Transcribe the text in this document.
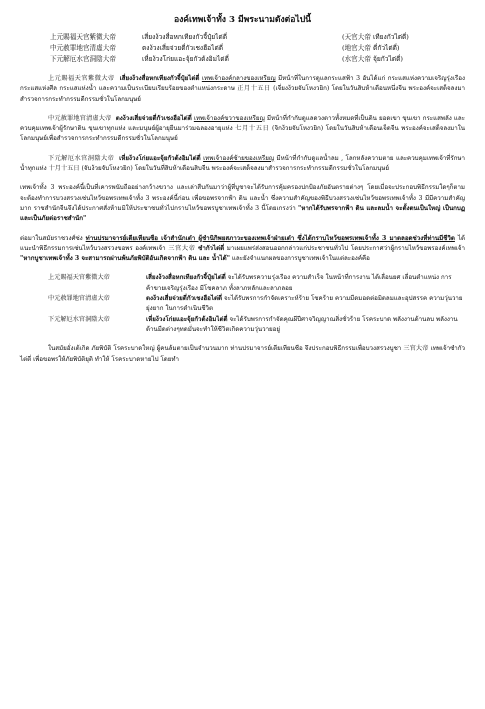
องค์เทพเจ้าทั้ง 3 มีพระนามดังต่อไปนี้
上元賜福天官紫微大帝	เสี่ยงง้วงสื่อหกเทียงกัวจี้ปุ๋ยไต่ตี่	(天官大帝 เทียงกัวไต่ตี่)
中元赦罪地官清虛大帝	ตงง้วงเสี่ยจ่วยตี่กัวเชงฮือไต่ตี่	(地官大帝 ตี่กัวไต่ตี่)
下元解厄水官洞陰大帝	เหี่ยง้วงโก่ยแอะจุ้ยกัวต้งอิมไต่ตี่	(水官大帝 จุ้ยกัวไต่ตี่)

上元賜福天官紫微大帝 เสี่ยงง้วงสื่อหกเทียงกัวจี้ปุ๋ยไต่ตี่ เทพเจ้าองค์กลางของเหรียญ มีหน้าที่ในการดูแลกระแสฟ้า 3 อันได้แก่ กระแสแห่งความเจริญรุ่งเรือง กระแสแห่งศีล กระแสแห่งน้ำ และความเป็นระเบียบเรียบร้อยของตำแหน่งกระดาษ 正月十五日 (เจี่ยงง้วยจับโหงวยิก) โดยในวันสิบห้าเดือนหนึ่งจีน พระองค์จะเสด็จลงมาสำรวจการกระทำกรรมดีกรรมชั่วในโลกมนุษย์

中元赦罪地官清虛大帝 ตงง้วงเสี่ยจ่วยตี่กัวเชงฮือไต่ตี่ เทพเจ้าองค์ขวาของเหรียญ มีหน้าที่กำกับดูแลดวงดาวทั้งหมดที่เป็นดิน ยอดเขา ขุนเขา กระแสพลัง และควบคุมเทพเจ้าผู้รักษาดิน ขุนเขาทุกแห่ง และมนุษย์ผู้อายุยืนมาร่วมฉลองอายุแห่ง 七月十五日 (จิกง้วยจับโหงวยิก) โดยในวันสิบห้าเดือนเจ็ดจีน พระองค์จะเสด็จลงมาในโลกมนุษย์เพื่อสำรวจการกระทำกรรมดีกรรมชั่วในโลกมนุษย์

下元解厄水官洞陰大帝 เหี่ยง้วงโก่ยแอะจุ้ยกัวต้งอิมไต่ตี่ เทพเจ้าองค์ซ้ายของเหรียญ มีหน้าที่กำกับดูแลน้ำลม , โลกหลังความตาย และควบคุมเทพเจ้าที่รักษาน้ำทุกแห่ง 十月十五日 (จับง้วยจับโหงวยิก) โดยในวันที่สิบห้าเดือนสิบจีน พระองค์จะเสด็จลงมาสำรวจการกระทำกรรมดีกรรมชั่วในโลกมนุษย์

เทพเจ้าทั้ง 3 พระองค์นี้เป็นที่เคารพนับถืออย่างกว้างขวาง และเล่าสืบกันมาว่าผู้ที่บูชาจะได้รับการคุ้มครองปกป้องภัยอันตรายต่างๆ โดยเมื่อจะประกอบพิธีกรรมใดๆก็ตาม จะต้องทำการบวงสรวงเซ่นไหว้ขอพรเทพเจ้าทั้ง 3 พระองค์นี้ก่อน เพื่อขอพรจากฟ้า ดิน และน้ำ ซึ่งความสำคัญของพิธีบวงสรวงเซ่นไหว้ขอพรเทพเจ้าทั้ง 3 มีมีความสำคัญมาก ราชสำนักจีนจึงได้ประกาศสั่งห้ามมิให้ประชาชนทั่วไปกราบไหว้ขอพรบูชาเทพเจ้าทั้ง 3 นี้โดยเกรงว่า "หากได้รับพรจากฟ้า ดิน และลมน้ำ จะตั้งตนเป็นใหญ่ เป็นกบฏและเป็นภัยต่อราชสำนัก"

ต่อมาในสมัยราชวงศ์ซ่ง ท่านปรมาจารย์เตียเทียนซือ เจ้าสำนักเต๋า ผู้ชำนิกิพยสภาวะของเทพเจ้าฝ่ายเต๋า ซึ่งได้กราบไหว้ขอพรเทพเจ้าทั้ง 3 มาตลอดช่วงที่ท่านมีชีวิต ได้แนะนำพิธีกรรมการเซ่นไหว้บวงสรวงขอพร องค์เทพเจ้า 三官大帝 ซำกัวไต่ตี่ มาเผยแพร่ส่งสอนออกกล่าวแก่ประชาชนทั่วไป โดยประกาศว่าผู้กราบไหว้ขอพรองค์เทพเจ้า "หากบูชาเทพเจ้าทั้ง 3 จะสามารถผ่านพ้นภัยพิบัติอันเกิดจากฟ้า ดิน และ น้ำได้" และยังจำแนกผลของการบูชาเทพเจ้าในแต่ละองค์คือ

上元賜福天官紫微大帝	เสี่ยงง้วงสื่อหกเทียงกัวจี้ปุ๋ยไต่ตี่ จะได้รับพรความรุ่งเรือง ความสำเร็จ ในหน้าที่การงาน ได้เลื่อนยศ เลื่อนตำแหน่ง การค้าขายเจริญรุ่งเรือง มีโชคลาภ ทั้งลาภหลักและลาภลอย
中元赦罪地官清虛大帝	ตงง้วงเสี่ยจ่วยตี่กัวเชงฮือไต่ตี่ จะได้รับพรการกำจัดเคราะห์ร้าย โชคร้าย ความมืดมอดต่อมิดลมและอุปสรรค ความวุ่นวายยุ่งยาก ในการดำเนินชีวิต
下元解厄水官洞陰大帝	เหี่ยง้วงโก่ยแอะจุ้ยกัวต้งอิมไต่ตี่ จะได้รับพรการกำจัดคุณผีปีศาจวิญญาณสิ่งชั่วร้าย โรคระบาด พลังงานด้านลบ พลังงานด้านมืดต่างๆทดมั่นจะทำให้ชีวิตเกิดความวุ่นวายอยู่

ในสมัยอั่งเต้เกิด ภัยพิบัติ โรคระบาดใหญ่ ผู้คนล้มตายเป็นจำนวนมาก ท่านปรมาจารย์เตียเทียนซือ จึงประกอบพิธีกรรมเพื่อบวงสรวงบูชา 三官大帝 เทพเจ้าซำกัวไต่ตี่ เพื่อขอพรให้ภัยพิบัติยุติ ทำให้ โรคระบาดหายไป โดยทำ
